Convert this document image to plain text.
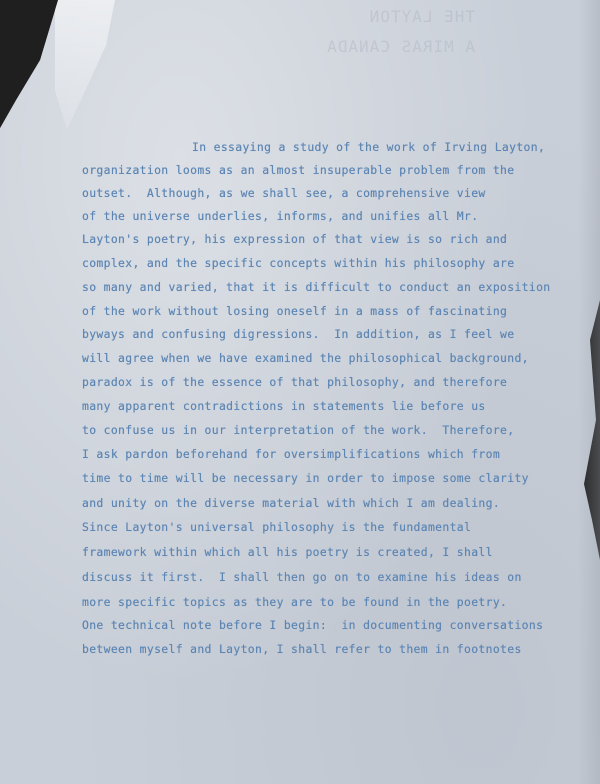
THE LAYTON
A MIRAS CANADA
In essaying a study of the work of Irving Layton,
organization looms as an almost insuperable problem from the
outset.  Although, as we shall see, a comprehensive view
of the universe underlies, informs, and unifies all Mr.
Layton's poetry, his expression of that view is so rich and
complex, and the specific concepts within his philosophy are
so many and varied, that it is difficult to conduct an exposition
of the work without losing oneself in a mass of fascinating
byways and confusing digressions.  In addition, as I feel we
will agree when we have examined the philosophical background,
paradox is of the essence of that philosophy, and therefore
many apparent contradictions in statements lie before us
to confuse us in our interpretation of the work.  Therefore,
I ask pardon beforehand for oversimplifications which from
time to time will be necessary in order to impose some clarity
and unity on the diverse material with which I am dealing.
Since Layton's universal philosophy is the fundamental
framework within which all his poetry is created, I shall
discuss it first.  I shall then go on to examine his ideas on
more specific topics as they are to be found in the poetry.
One technical note before I begin:  in documenting conversations
between myself and Layton, I shall refer to them in footnotes
